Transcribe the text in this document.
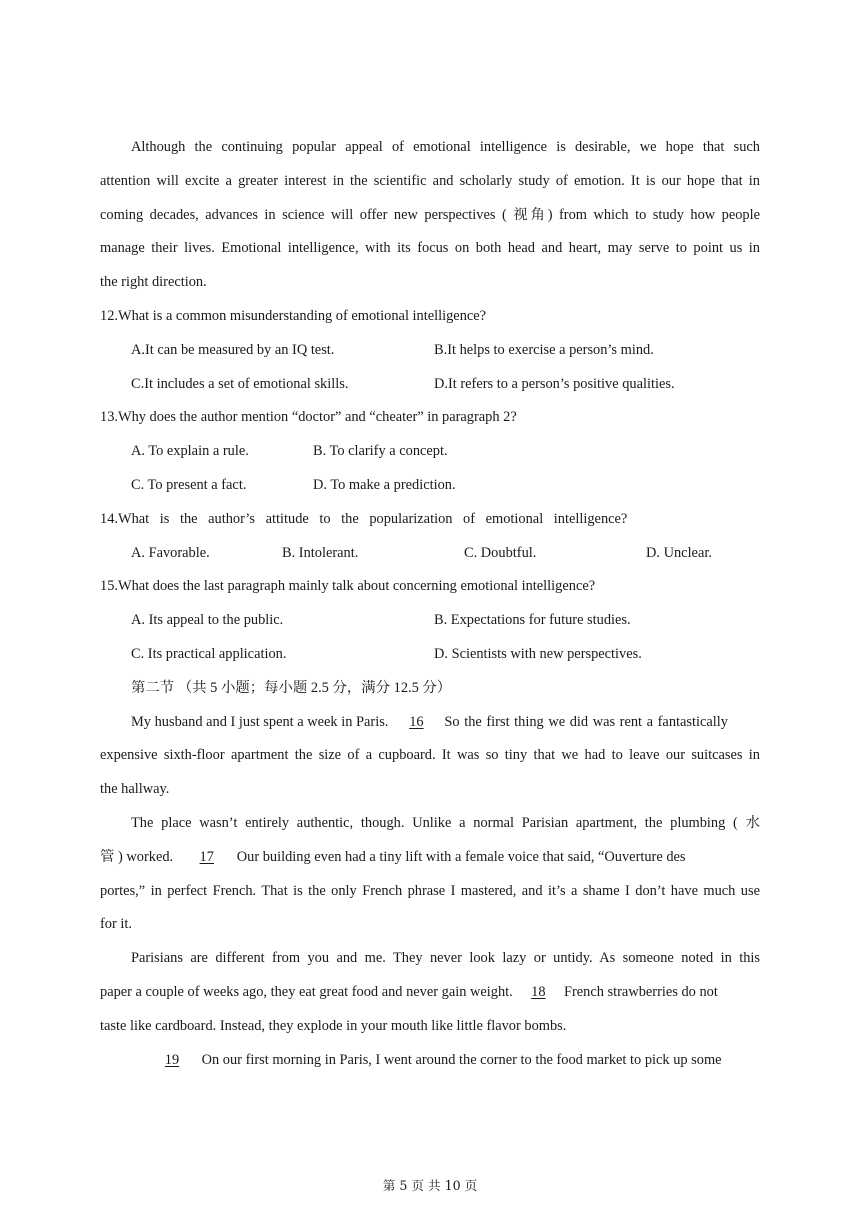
Although the continuing popular appeal of emotional intelligence is desirable, we hope that such
attention will excite a greater interest in the scientific and scholarly study of emotion. It is our hope that in
coming decades, advances in science will offer new perspectives ( 视角) from which to study how people
manage their lives. Emotional intelligence, with its focus on both head and heart, may serve to point us in
the right direction.
12.What is a common misunderstanding of emotional intelligence?
A.It can be measured by an IQ test.	B.It helps to exercise a person’s mind.
C.It includes a set of emotional skills.	D.It refers to a person’s positive qualities.
13.Why does the author mention “doctor” and “cheater” in paragraph 2?
A. To explain a rule.	B. To clarify a concept.
C. To present a fact.	D. To make a prediction.
14.What is the author’s attitude to the popularization of emotional intelligence?
A. Favorable.	B. Intolerant.	C. Doubtful.	D. Unclear.
15.What does the last paragraph mainly talk about concerning emotional intelligence?
A. Its appeal to the public.	B. Expectations for future studies.
C. Its practical application.	D. Scientists with new perspectives.
第二节 （共 5 小题；每小题 2.5 分，满分 12.5 分）
My husband and I just spent a week in Paris. 16 So the first thing we did was rent a fantastically
expensive sixth-floor apartment the size of a cupboard. It was so tiny that we had to leave our suitcases in
the hallway.
The place wasn’t entirely authentic, though. Unlike a normal Parisian apartment, the plumbing ( 水
管 ) worked. 17 Our building even had a tiny lift with a female voice that said, “Ouverture des
portes,” in perfect French. That is the only French phrase I mastered, and it’s a shame I don’t have much use
for it.
Parisians are different from you and me. They never look lazy or untidy. As someone noted in this
paper a couple of weeks ago, they eat great food and never gain weight. 18 French strawberries do not
taste like cardboard. Instead, they explode in your mouth like little flavor bombs.
19 On our first morning in Paris, I went around the corner to the food market to pick up some
第 5 页 共 10 页
